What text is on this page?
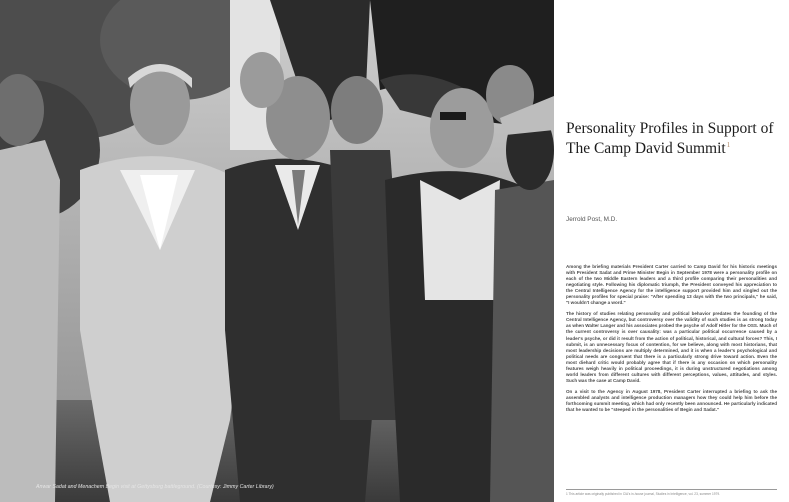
Anwar Sadat and Menachem Begin visit at Gettysburg battleground. (Courtesy: Jimmy Carter Library)
Personality Profiles in Support of The Camp David Summit$^1$
Jerrold Post, M.D.

Among the briefing materials President Carter carried to Camp David for his historic meetings with President Sadat and Prime Minister Begin in September 1978 were a personality profile on each of the two Middle Eastern leaders and a third profile comparing their personalities and negotiating style. Following his diplomatic triumph, the President conveyed his appreciation to the Central Intelligence Agency for the intelligence support provided him and singled out the personality profiles for special praise: "After spending 13 days with the two principals," he said, "I wouldn't change a word."

The history of studies relating personality and political behavior predates the founding of the Central Intelligence Agency, but controversy over the validity of such studies is as strong today as when Walter Langer and his associates probed the psyche of Adolf Hitler for the OSS. Much of the current controversy is over causality: was a particular political occurrence caused by a leader's psyche, or did it result from the action of political, historical, and cultural forces? This, I submit, is an unnecessary focus of contention, for we believe, along with most historians, that most leadership decisions are multiply determined, and it is when a leader's psychological and political needs are congruent that there is a particularly strong drive toward action. Even the most diehard critic would probably agree that if there is any occasion on which personality features weigh heavily in political proceedings, it is during unstructured negotiations among world leaders from different cultures with different perceptions, values, attitudes, and styles. Such was the case at Camp David.

On a visit to the Agency in August 1978, President Carter interrupted a briefing to ask the assembled analysts and intelligence production managers how they could help him before the forthcoming summit meeting, which had only recently been announced. He particularly indicated that he wanted to be "steeped in the personalities of Begin and Sadat."

1 This article was originally published in CIA's in-house journal, Studies in Intelligence, vol. 23, summer 1979.
